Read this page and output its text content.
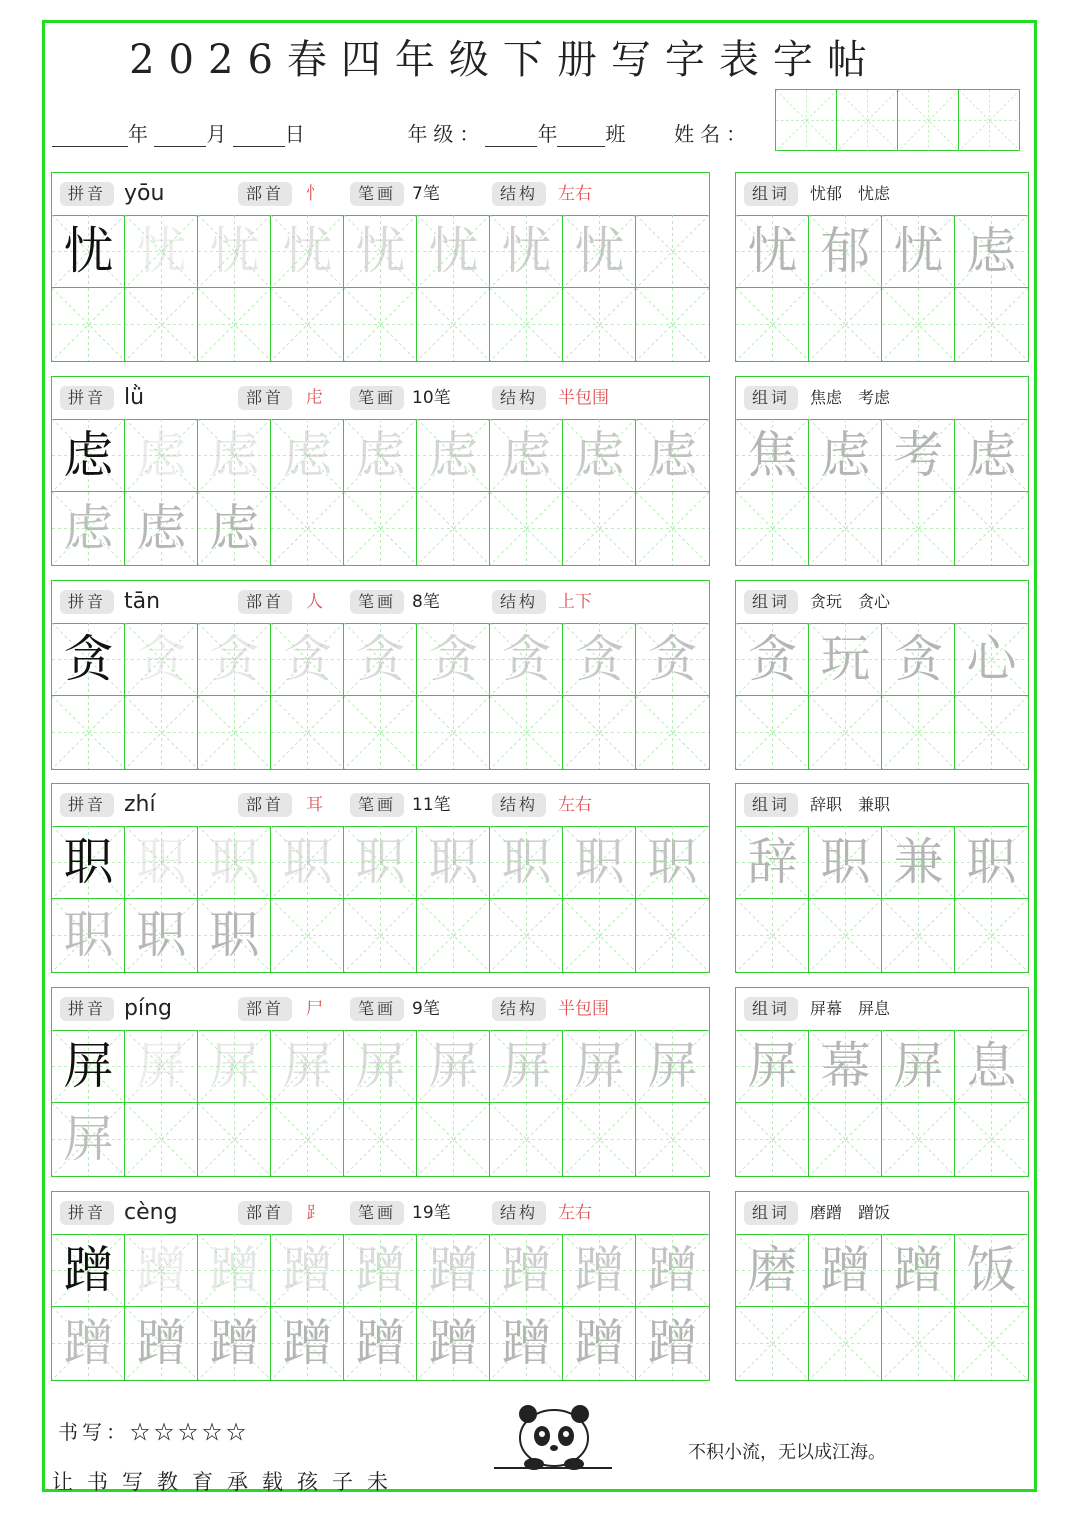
2026春四年级下册写字表字帖
年	月	日	年级：	年 班 姓名：
拼音 yōu	部首	忄	笔画 7笔	结构	左右
忧 忧 忧 忧 忧 忧 忧 忧
组词	忧郁　忧虑
忧 郁 忧 虑
拼音 lǜ	部首	虍	笔画 10笔	结构	半包围
虑 虑 虑 虑 虑 虑 虑 虑 虑
虑 虑 虑
组词	焦虑　考虑
焦 虑 考 虑
拼音 tān	部首	人	笔画 8笔	结构	上下
贪 贪 贪 贪 贪 贪 贪 贪 贪
组词	贪玩　贪心
贪 玩 贪 心
拼音 zhí	部首	耳	笔画 11笔	结构	左右
职 职 职 职 职 职 职 职 职
职 职 职
组词	辞职　兼职
辞 职 兼 职
拼音 píng	部首	尸	笔画 9笔	结构	半包围
屏 屏 屏 屏 屏 屏 屏 屏 屏
屏
组词	屏幕　屏息
屏 幕 屏 息
拼音 cèng	部首	⻊	笔画 19笔	结构	左右
蹭 蹭 蹭 蹭 蹭 蹭 蹭 蹭 蹭
蹭 蹭 蹭 蹭 蹭 蹭 蹭 蹭 蹭
组词	磨蹭　蹭饭
磨 蹭 蹭 饭
书写：☆☆☆☆☆
让书写教育承载孩子未
不积小流，无以成江海。
